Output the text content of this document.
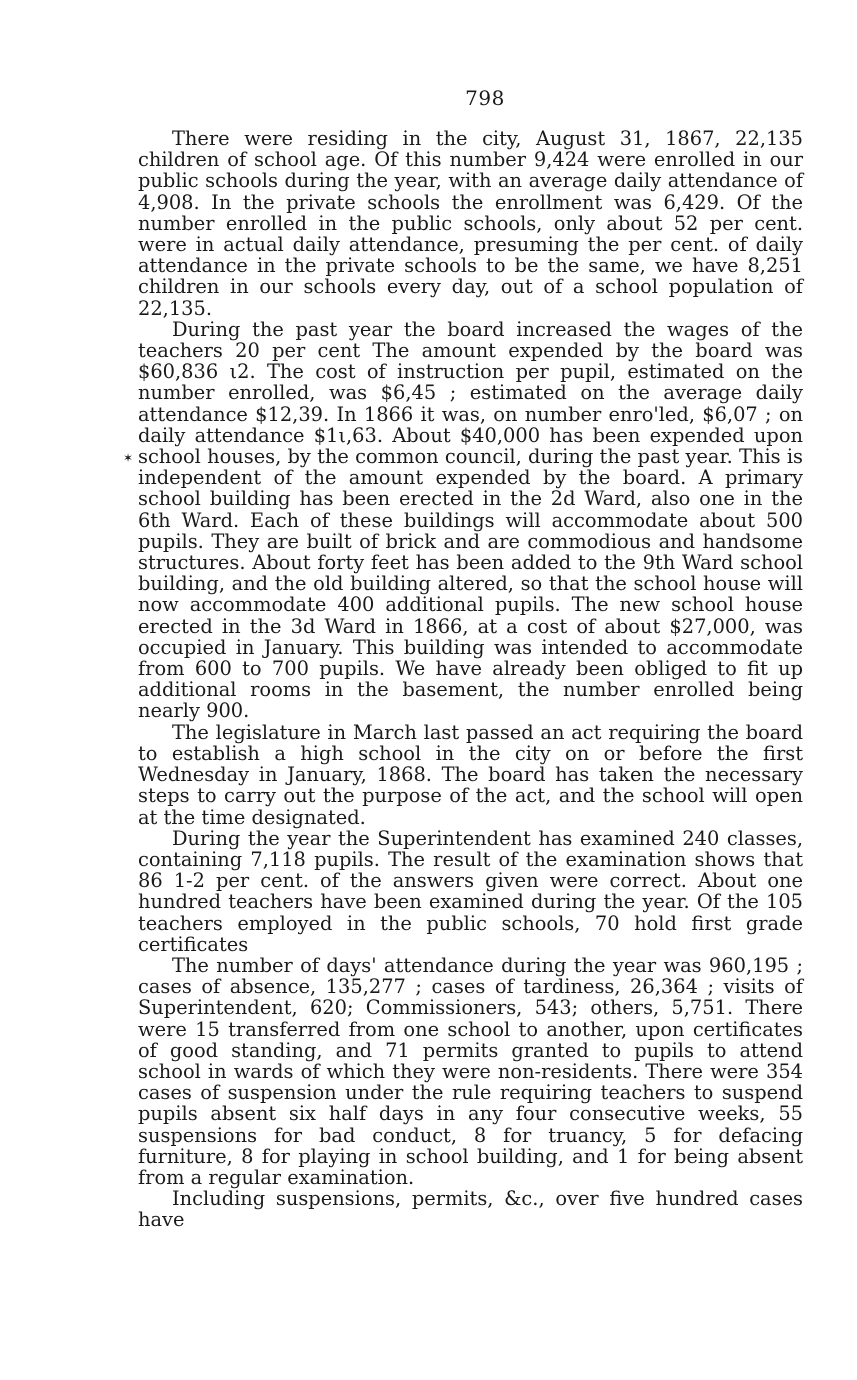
798
✶

There were residing in the city, August 31, 1867, 22,135 children of school age. Of this number 9,424 were enrolled in our public schools during the year, with an average daily attendance of 4,908. In the private schools the enrollment was 6,429. Of the number enrolled in the public schools, only about 52 per cent. were in actual daily attendance, presuming the per cent. of daily attendance in the private schools to be the same, we have 8,251 children in our schools every day, out of a school population of 22,135.

During the past year the board increased the wages of the teachers 20 per cent The amount expended by the board was $60,836 ι2. The cost of instruction per pupil, estimated on the number enrolled, was $6,45 ; estimated on the average daily attendance $12,39. In 1866 it was, on number enro'led, $6,07 ; on daily attendance $1ι,63. About $40,000 has been expended upon school houses, by the common council, during the past year. This is independent of the amount expended by the board. A primary school building has been erected in the 2d Ward, also one in the 6th Ward. Each of these buildings will accommodate about 500 pupils. They are built of brick and are commodious and handsome structures. About forty feet has been added to the 9th Ward school building, and the old building altered, so that the school house will now accommodate 400 additional pupils. The new school house erected in the 3d Ward in 1866, at a cost of about $27,000, was occupied in January. This building was intended to accommodate from 600 to 700 pupils. We have already been obliged to fit up additional rooms in the basement, the number enrolled being nearly 900.

The legislature in March last passed an act requiring the board to establish a high school in the city on or before the first Wednesday in January, 1868. The board has taken the necessary steps to carry out the purpose of the act, and the school will open at the time designated.

During the year the Superintendent has examined 240 classes, containing 7,118 pupils. The result of the examination shows that 86 1-2 per cent. of the answers given were correct. About one hundred teachers have been examined during the year. Of the 105 teachers employed in the public schools, 70 hold first grade certificates

The number of days' attendance during the year was 960,195 ; cases of absence, 135,277 ; cases of tardiness, 26,364 ; visits of Superintendent, 620; Commissioners, 543; others, 5,751. There were 15 transferred from one school to another, upon certificates of good standing, and 71 permits granted to pupils to attend school in wards of which they were non-residents. There were 354 cases of suspension under the rule requiring teachers to suspend pupils absent six half days in any four consecutive weeks, 55 suspensions for bad conduct, 8 for truancy, 5 for defacing furniture, 8 for playing in school building, and 1 for being absent from a regular examination.

Including suspensions, permits, &c., over five hundred cases have
